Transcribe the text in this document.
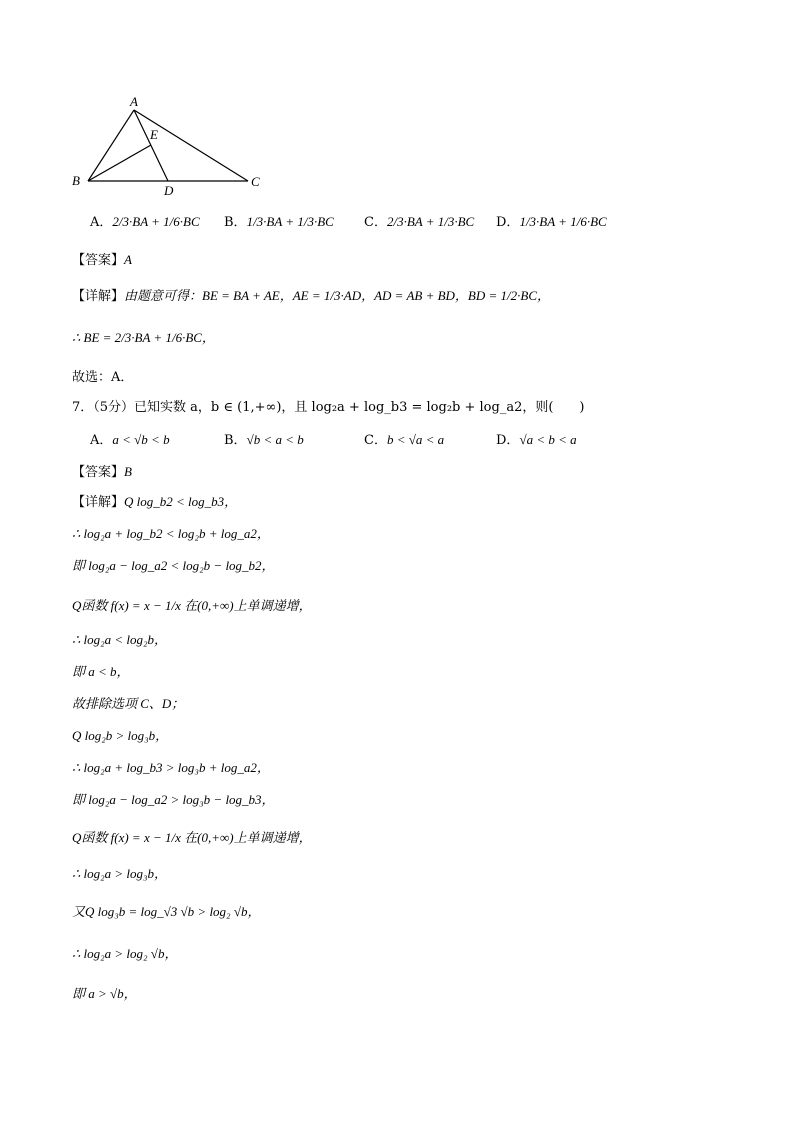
A
E
B
D
C
A．2/3·BA + 1/6·BC B．1/3·BA + 1/3·BC C．2/3·BA + 1/3·BC D．1/3·BA + 1/6·BC
【答案】A
【详解】由题意可得：BE = BA + AE，AE = 1/3·AD，AD = AB + BD，BD = 1/2·BC，
∴ BE = 2/3·BA + 1/6·BC，
故选：A．
7．（5分）已知实数 a，b ∈ (1,+∞)，且 log₂a + log_b3 = log₂b + log_a2，则(　　)
A．a < √b < b	B．√b < a < b	C．b < √a < a	D．√a < b < a
【答案】B
【详解】Q log_b2 < log_b3，
∴ log₂a + log_b2 < log₂b + log_a2，
即 log₂a − log_a2 < log₂b − log_b2，
Q函数 f(x) = x − 1/x 在(0,+∞)上单调递增，
∴ log₂a < log₂b，
即 a < b，
故排除选项 C、D；
Q log₂b > log₃b，
∴ log₂a + log_b3 > log₃b + log_a2，
即 log₂a − log_a2 > log₃b − log_b3，
Q函数 f(x) = x − 1/x 在(0,+∞)上单调递增，
∴ log₂a > log₃b，
又Q log₃b = log_√3 √b > log₂ √b，
∴ log₂a > log₂ √b，
即 a > √b，
